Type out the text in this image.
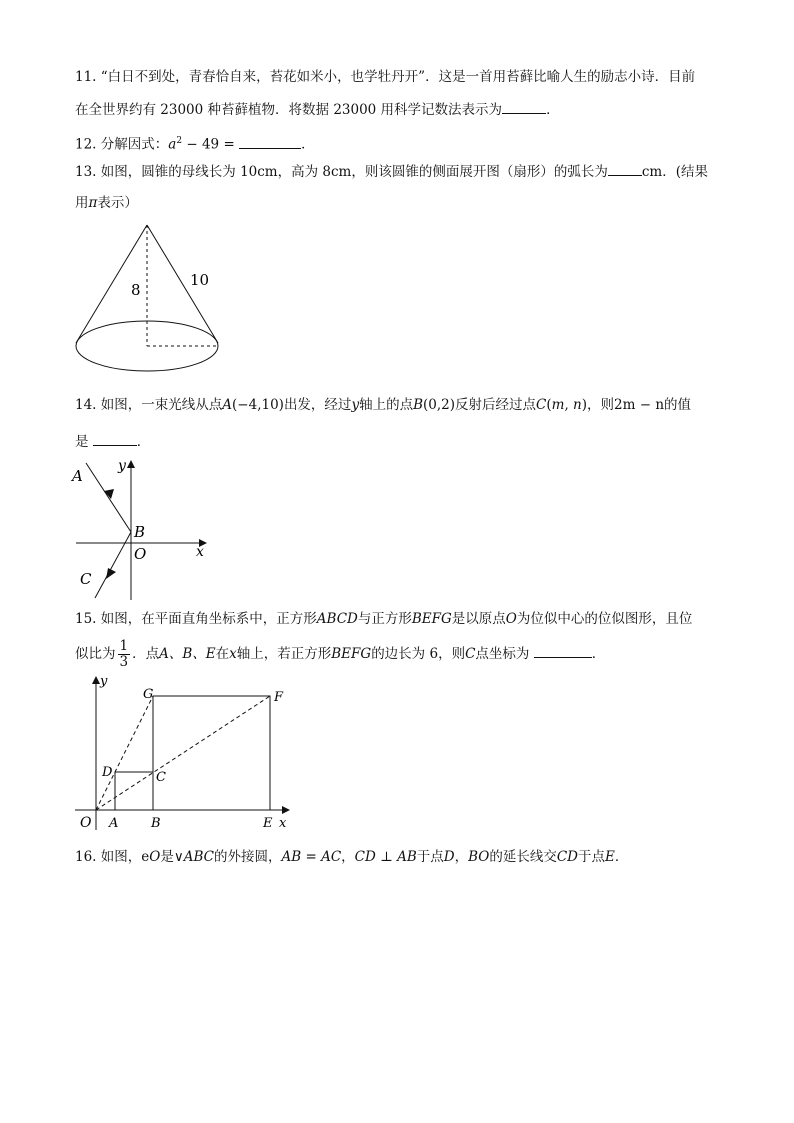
11. “白日不到处，青春恰自来，苔花如米小，也学牡丹开”．这是一首用苔藓比喻人生的励志小诗．目前
在全世界约有 23000 种苔藓植物．将数据 23000 用科学记数法表示为	．
12. 分解因式：$a^2 - 49$ =	．
13. 如图，圆锥的母线长为 10cm，高为 8cm，则该圆锥的侧面展开图（扇形）的弧长为	cm．(结果
用π表示）
8
10
14. 如图，一束光线从点A(−4,10)出发，经过y轴上的点B(0,2)反射后经过点C(m, n)，则2m − n的值
是	．
A
B
O
C
x
y
15. 如图，在平面直角坐标系中，正方形ABCD与正方形BEFG是以原点O为位似中心的位似图形，且位
似比为 $\frac{1}{3}$ ．点A、B、E在x轴上，若正方形BEFG的边长为 6，则C点坐标为	．
O A	B	E x
y
G	F
D	C
16. 如图，eO是∨ABC的外接圆，AB = AC，CD ⊥ AB于点D，BO的延长线交CD于点E．
